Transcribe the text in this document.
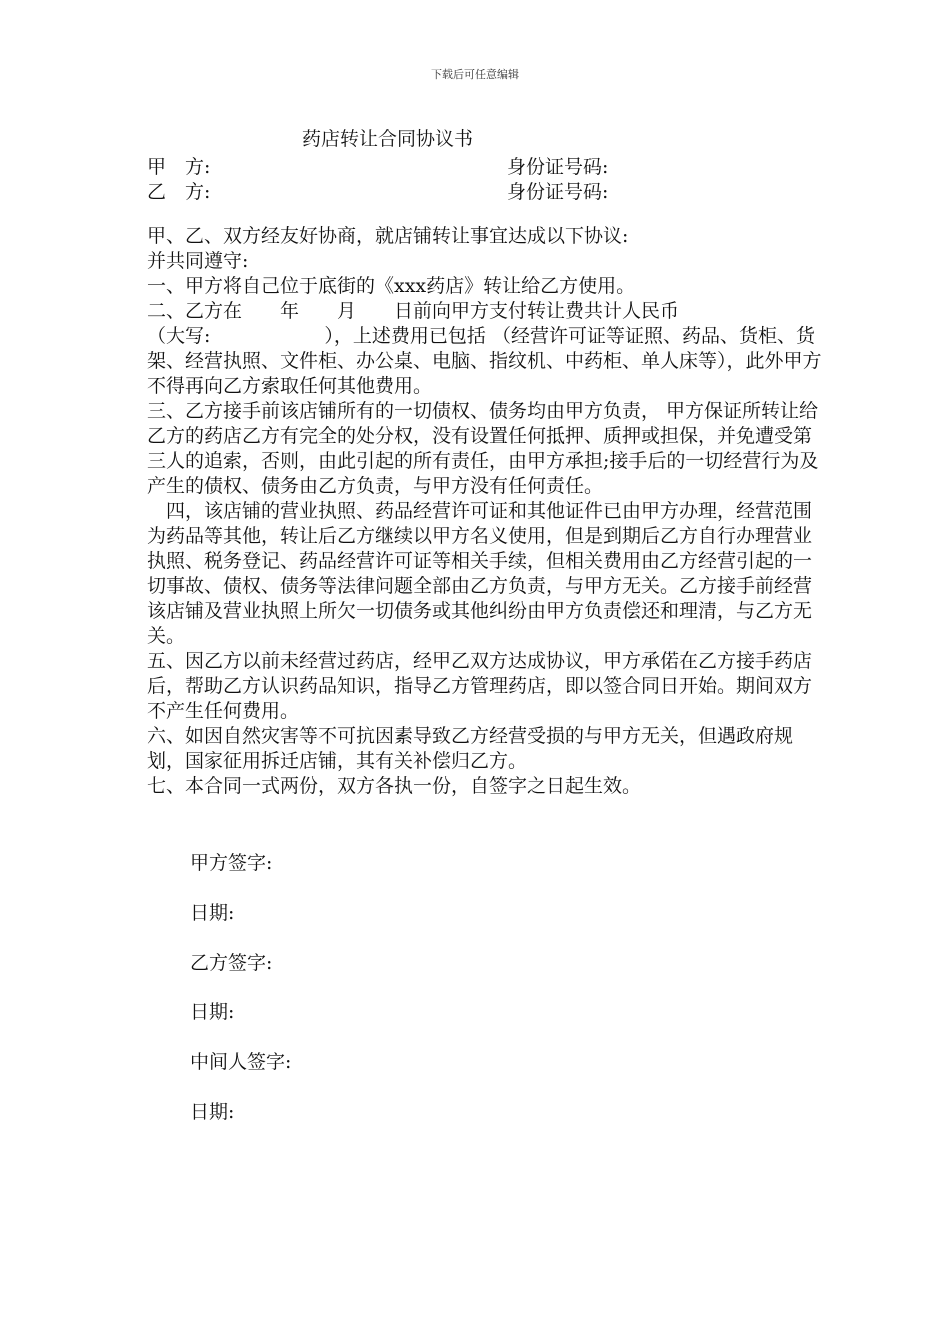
下载后可任意编辑
药店转让合同协议书
甲　方:	身份证号码:
乙　方:	身份证号码:

甲、乙、双方经友好协商，就店铺转让事宜达成以下协议:

并共同遵守:

一、甲方将自己位于底街的《xxx药店》转让给乙方使用。

二、乙方在　　年　　月　　日前向甲方支付转让费共计人民币

（大写:　　　　　　），上述费用已包括 （经营许可证等证照、药品、货柜、货架、经营执照、文件柜、办公桌、电脑、指纹机、中药柜、单人床等），此外甲方不得再向乙方索取任何其他费用。

三、乙方接手前该店铺所有的一切债权、债务均由甲方负责， 甲方保证所转让给乙方的药店乙方有完全的处分权，没有设置任何抵押、质押或担保，并免遭受第三人的追索，否则，由此引起的所有责任，由甲方承担;接手后的一切经营行为及产生的债权、债务由乙方负责，与甲方没有任何责任。

　四，该店铺的营业执照、药品经营许可证和其他证件已由甲方办理，经营范围为药品等其他，转让后乙方继续以甲方名义使用，但是到期后乙方自行办理营业执照、税务登记、药品经营许可证等相关手续，但相关费用由乙方经营引起的一切事故、债权、债务等法律问题全部由乙方负责，与甲方无关。乙方接手前经营该店铺及营业执照上所欠一切债务或其他纠纷由甲方负责偿还和理清，与乙方无关。

五、因乙方以前未经营过药店，经甲乙双方达成协议，甲方承偌在乙方接手药店后，帮助乙方认识药品知识，指导乙方管理药店，即以签合同日开始。期间双方不产生任何费用。

六、如因自然灾害等不可抗因素导致乙方经营受损的与甲方无关，但遇政府规划，国家征用拆迁店铺，其有关补偿归乙方。

七、本合同一式两份，双方各执一份，自签字之日起生效。

甲方签字:
日期:
乙方签字:
日期:
中间人签字:
日期:
